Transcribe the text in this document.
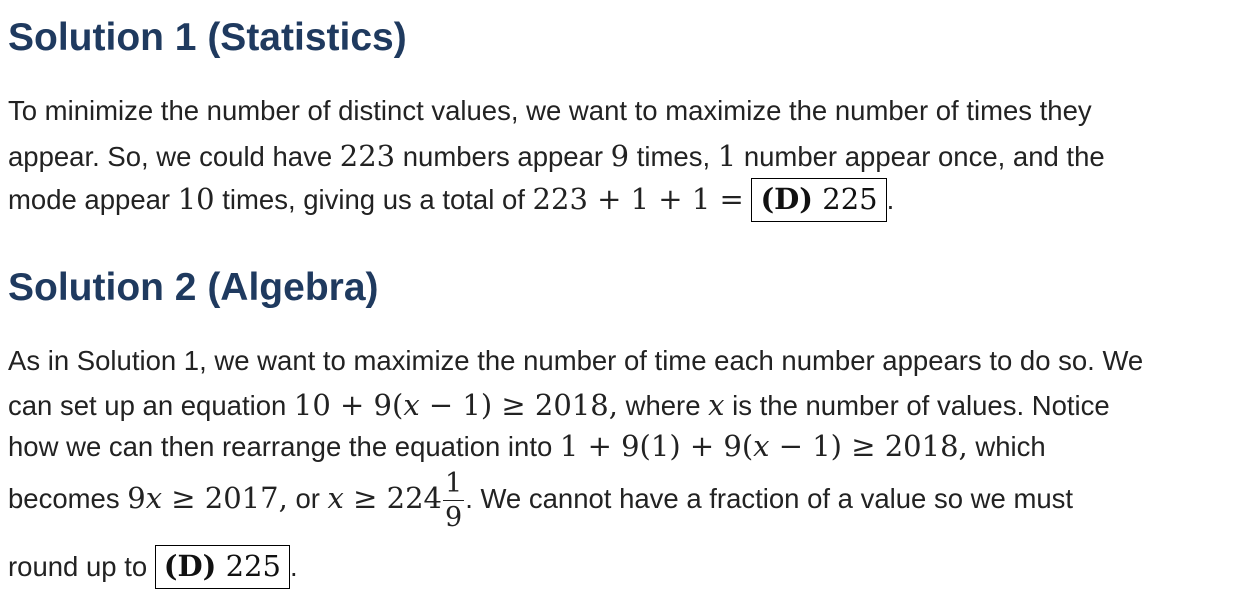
Solution 1 (Statistics)
To minimize the number of distinct values, we want to maximize the number of times they
appear. So, we could have 223 numbers appear 9 times, 1 number appear once, and the
mode appear 10 times, giving us a total of 223 + 1 + 1 = (D) 225 .
Solution 2 (Algebra)
As in Solution 1, we want to maximize the number of time each number appears to do so. We
can set up an equation 10 + 9(x − 1) ≥ 2018, where x is the number of values. Notice
how we can then rearrange the equation into 1 + 9(1) + 9(x − 1) ≥ 2018, which
becomes 9x ≥ 2017, or $x \ge 224 \frac{1}{9}$ . We cannot have a fraction of a value so we must
round up to (D) 225 .
